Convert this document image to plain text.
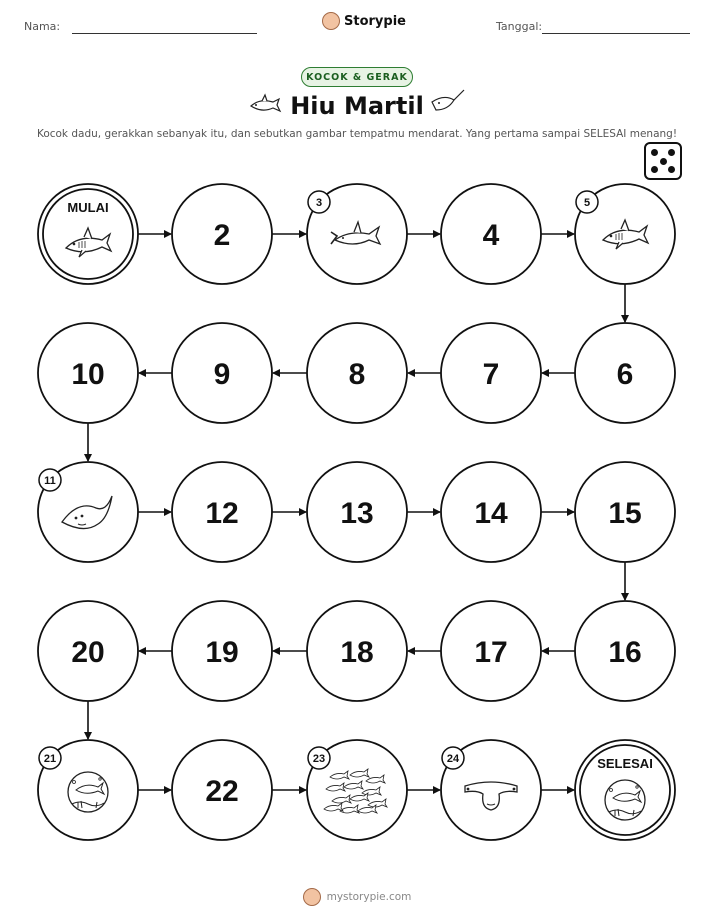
Nama:	Storypie	Tanggal:
KOCOK & GERAK
Hiu Martil
Kocok dadu, gerakkan sebanyak itu, dan sebutkan gambar tempatmu mendarat. Yang pertama sampai SELESAI menang!
MULAI
2
3
4
5
6
7
8
9
10
11
12	13	14	15
16
17
18
19
20
21
22
23	24	SELESAI
mystorypie.com
